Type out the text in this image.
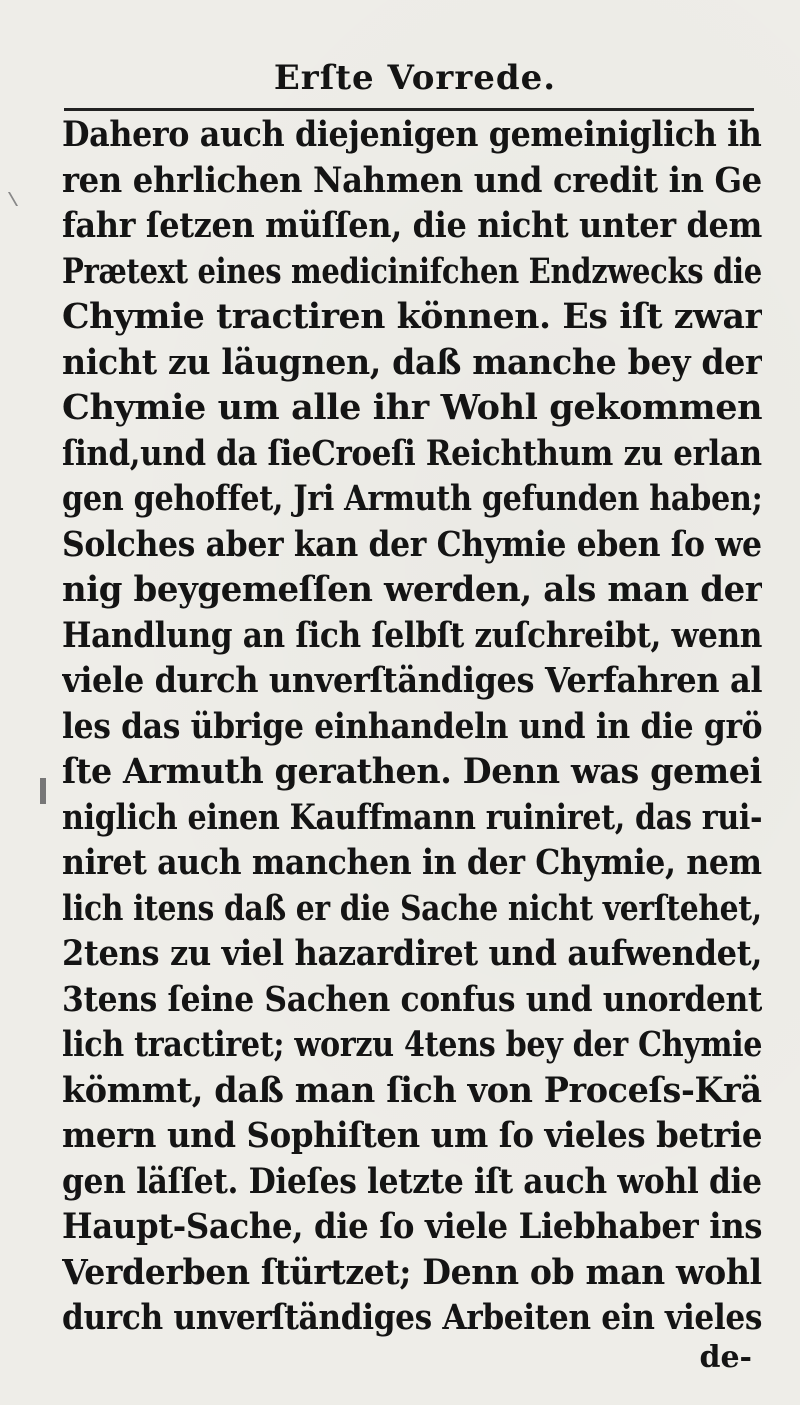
Erſte Vorrede.
Dahero auch diejenigen gemeiniglich ih
ren ehrlichen Nahmen und credit in Ge
fahr ſetzen müſſen, die nicht unter dem
Prætext eines medicinifchen Endzwecks die
Chymie tractiren können. Es iſt zwar
nicht zu läugnen, daß manche bey der
Chymie um alle ihr Wohl gekommen
ſind,und da ſieCroeſi Reichthum zu erlan
gen gehoffet, Jri Armuth gefunden haben;
Solches aber kan der Chymie eben ſo we
nig beygemeſſen werden, als man der
Handlung an ſich ſelbſt zuſchreibt, wenn
viele durch unverſtändiges Verfahren al
les das übrige einhandeln und in die grö
ſte Armuth gerathen. Denn was gemei
niglich einen Kauffmann ruiniret, das rui-
niret auch manchen in der Chymie, nem
lich itens daß er die Sache nicht verſtehet,
2tens zu viel hazardiret und aufwendet,
3tens ſeine Sachen confus und unordent
lich tractiret; worzu 4tens bey der Chymie
kömmt, daß man ſich von Proceſs-Krä
mern und Sophiſten um ſo vieles betrie
gen läſſet. Dieſes letzte iſt auch wohl die
Haupt-Sache, die ſo viele Liebhaber ins
Verderben ſtürtzet; Denn ob man wohl
durch unverſtändiges Arbeiten ein vieles
de-
